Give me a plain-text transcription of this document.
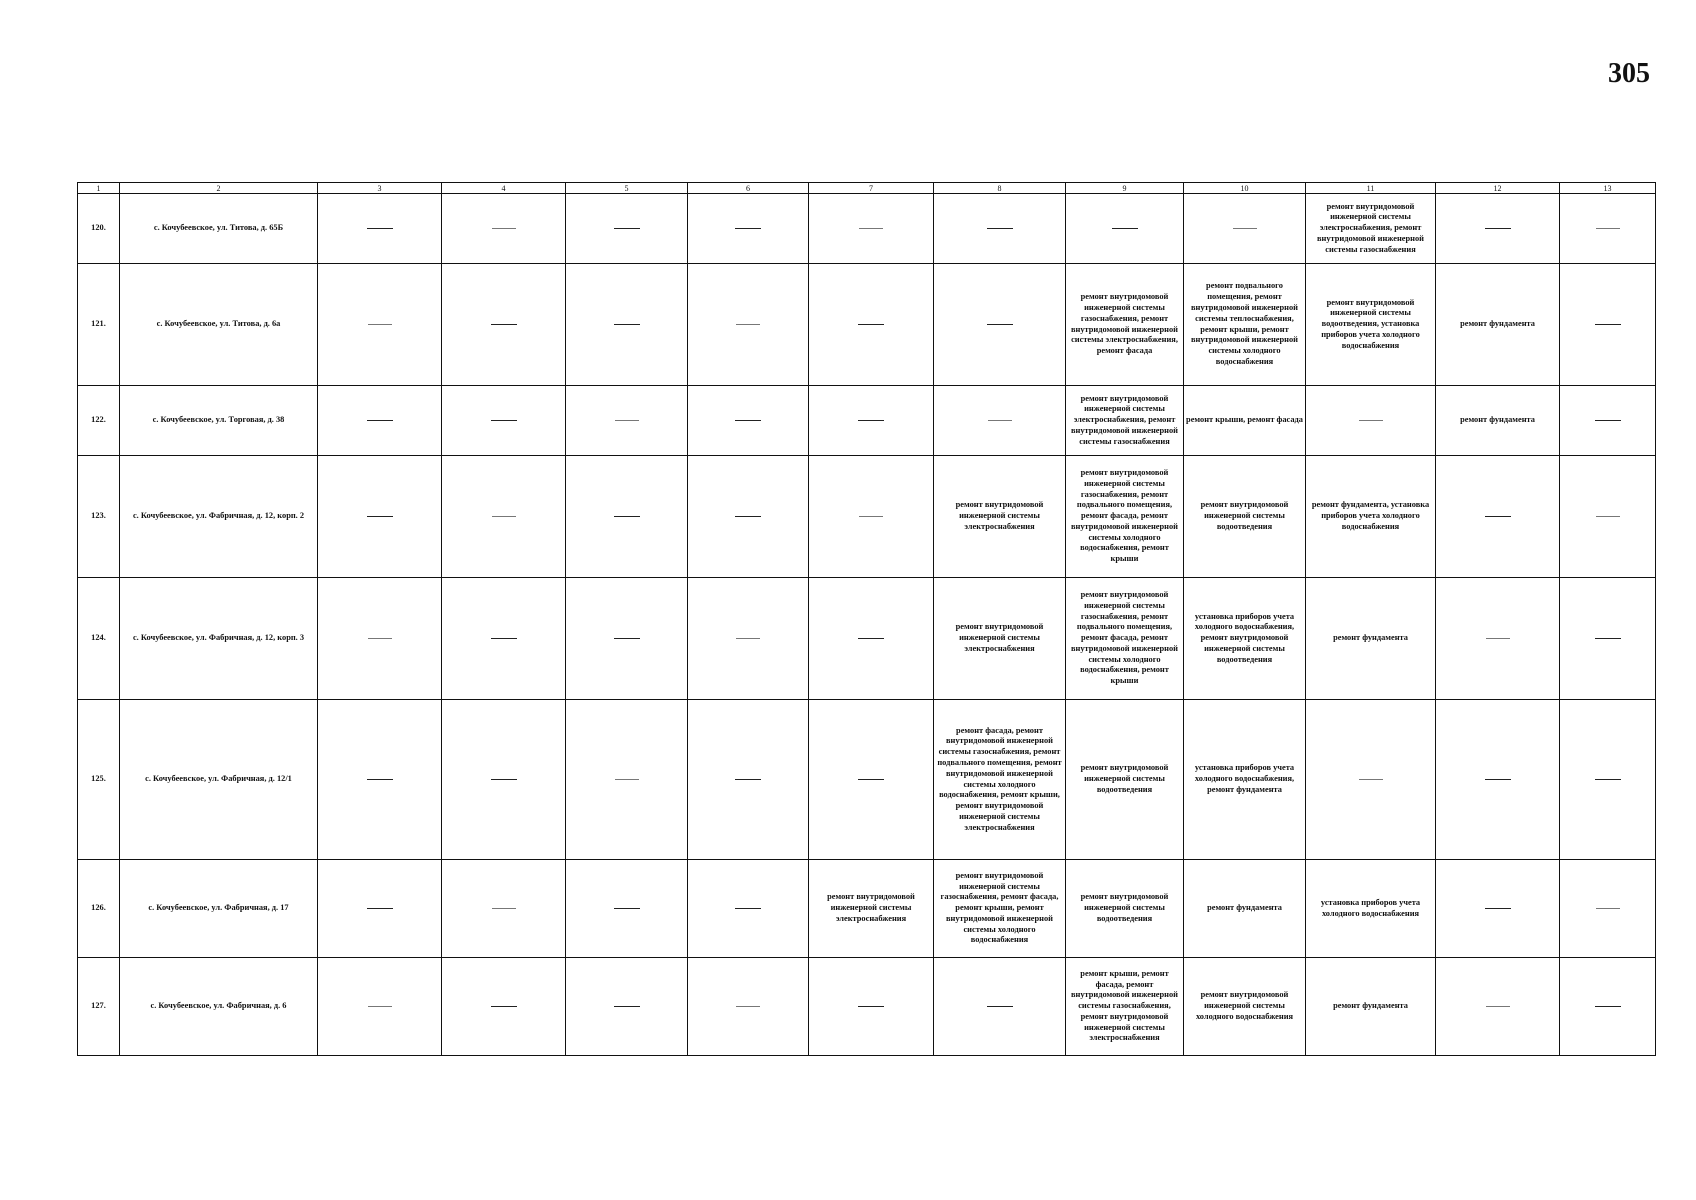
305
1	2	3	4	5	6	7	8	9	10	11	12	13
120.	с. Кочубеевское, ул. Титова, д. 65Б									ремонт внутридомовой инженерной системы электроснабжения, ремонт внутридомовой инженерной системы газоснабжения		
121.	с. Кочубеевское, ул. Титова, д. 6а							ремонт внутридомовой инженерной системы газоснабжения, ремонт внутридомовой инженерной системы электроснабжения, ремонт фасада	ремонт подвального помещения, ремонт внутридомовой инженерной системы теплоснабжения, ремонт крыши, ремонт внутридомовой инженерной системы холодного водоснабжения	ремонт внутридомовой инженерной системы водоотведения, установка приборов учета холодного водоснабжения	ремонт фундамента	
122.	с. Кочубеевское, ул. Торговая, д. 38							ремонт внутридомовой инженерной системы электроснабжения, ремонт внутридомовой инженерной системы газоснабжения	ремонт крыши, ремонт фасада		ремонт фундамента	
123.	с. Кочубеевское, ул. Фабричная, д. 12, корп. 2						ремонт внутридомовой инженерной системы электроснабжения	ремонт внутридомовой инженерной системы газоснабжения, ремонт подвального помещения, ремонт фасада, ремонт внутридомовой инженерной системы холодного водоснабжения, ремонт крыши	ремонт внутридомовой инженерной системы водоотведения	ремонт фундамента, установка приборов учета холодного водоснабжения		
124.	с. Кочубеевское, ул. Фабричная, д. 12, корп. 3						ремонт внутридомовой инженерной системы электроснабжения	ремонт внутридомовой инженерной системы газоснабжения, ремонт подвального помещения, ремонт фасада, ремонт внутридомовой инженерной системы холодного водоснабжения, ремонт крыши	установка приборов учета холодного водоснабжения, ремонт внутридомовой инженерной системы водоотведения	ремонт фундамента		
125.	с. Кочубеевское, ул. Фабричная, д. 12/1						ремонт фасада, ремонт внутридомовой инженерной системы газоснабжения, ремонт подвального помещения, ремонт внутридомовой инженерной системы холодного водоснабжения, ремонт крыши, ремонт внутридомовой инженерной системы электроснабжения	ремонт внутридомовой инженерной системы водоотведения	установка приборов учета холодного водоснабжения, ремонт фундамента			
126.	с. Кочубеевское, ул. Фабричная, д. 17					ремонт внутридомовой инженерной системы электроснабжения	ремонт внутридомовой инженерной системы газоснабжения, ремонт фасада, ремонт крыши, ремонт внутридомовой инженерной системы холодного водоснабжения	ремонт внутридомовой инженерной системы водоотведения	ремонт фундамента	установка приборов учета холодного водоснабжения		
127.	с. Кочубеевское, ул. Фабричная, д. 6							ремонт крыши, ремонт фасада, ремонт внутридомовой инженерной системы газоснабжения, ремонт внутридомовой инженерной системы электроснабжения	ремонт внутридомовой инженерной системы холодного водоснабжения	ремонт фундамента		
